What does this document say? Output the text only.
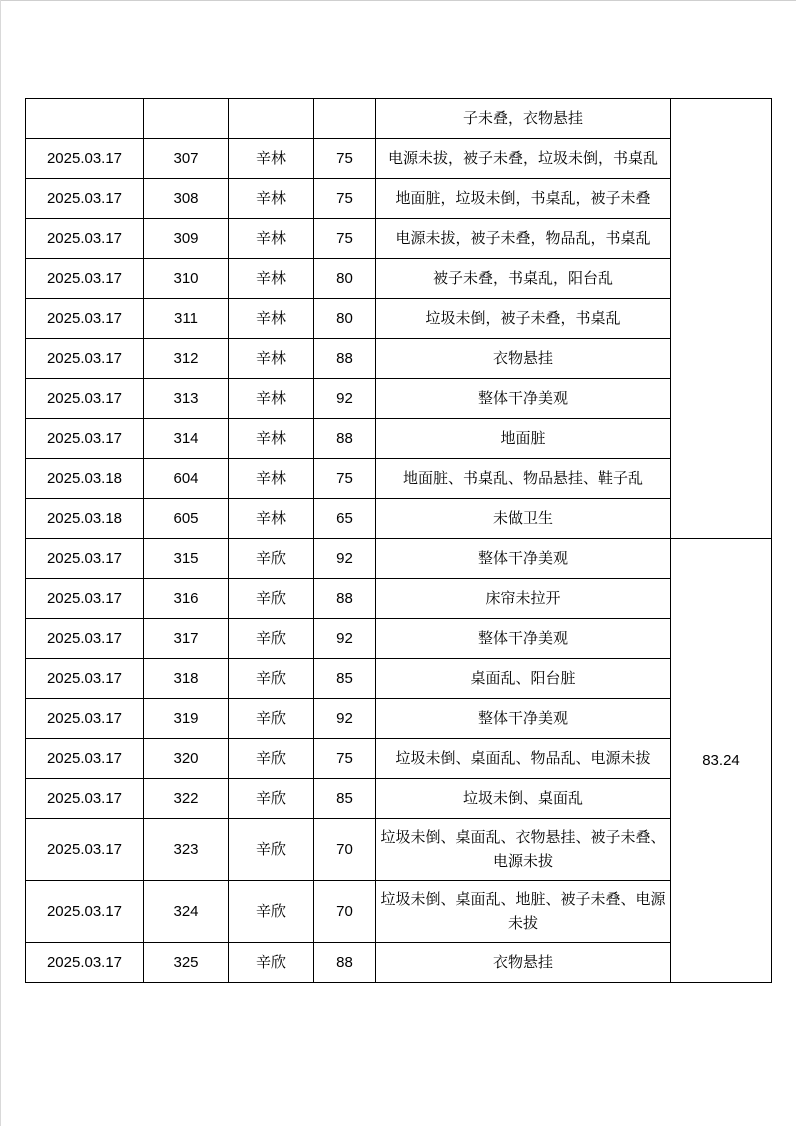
				子未叠，衣物悬挂	
2025.03.17	307	辛林	75	电源未拔，被子未叠，垃圾未倒，书桌乱	
2025.03.17	308	辛林	75	地面脏，垃圾未倒，书桌乱，被子未叠	
2025.03.17	309	辛林	75	电源未拔，被子未叠，物品乱，书桌乱	
2025.03.17	310	辛林	80	被子未叠，书桌乱，阳台乱	
2025.03.17	311	辛林	80	垃圾未倒，被子未叠，书桌乱	
2025.03.17	312	辛林	88	衣物悬挂	
2025.03.17	313	辛林	92	整体干净美观	
2025.03.17	314	辛林	88	地面脏	
2025.03.18	604	辛林	75	地面脏、书桌乱、物品悬挂、鞋子乱	
2025.03.18	605	辛林	65	未做卫生	
2025.03.17	315	辛欣	92	整体干净美观	83.24
2025.03.17	316	辛欣	88	床帘未拉开	
2025.03.17	317	辛欣	92	整体干净美观	
2025.03.17	318	辛欣	85	桌面乱、阳台脏	
2025.03.17	319	辛欣	92	整体干净美观	
2025.03.17	320	辛欣	75	垃圾未倒、桌面乱、物品乱、电源未拔	
2025.03.17	322	辛欣	85	垃圾未倒、桌面乱	
2025.03.17	323	辛欣	70	垃圾未倒、桌面乱、衣物悬挂、被子未叠、电源未拔	
2025.03.17	324	辛欣	70	垃圾未倒、桌面乱、地脏、被子未叠、电源未拔	
2025.03.17	325	辛欣	88	衣物悬挂	
